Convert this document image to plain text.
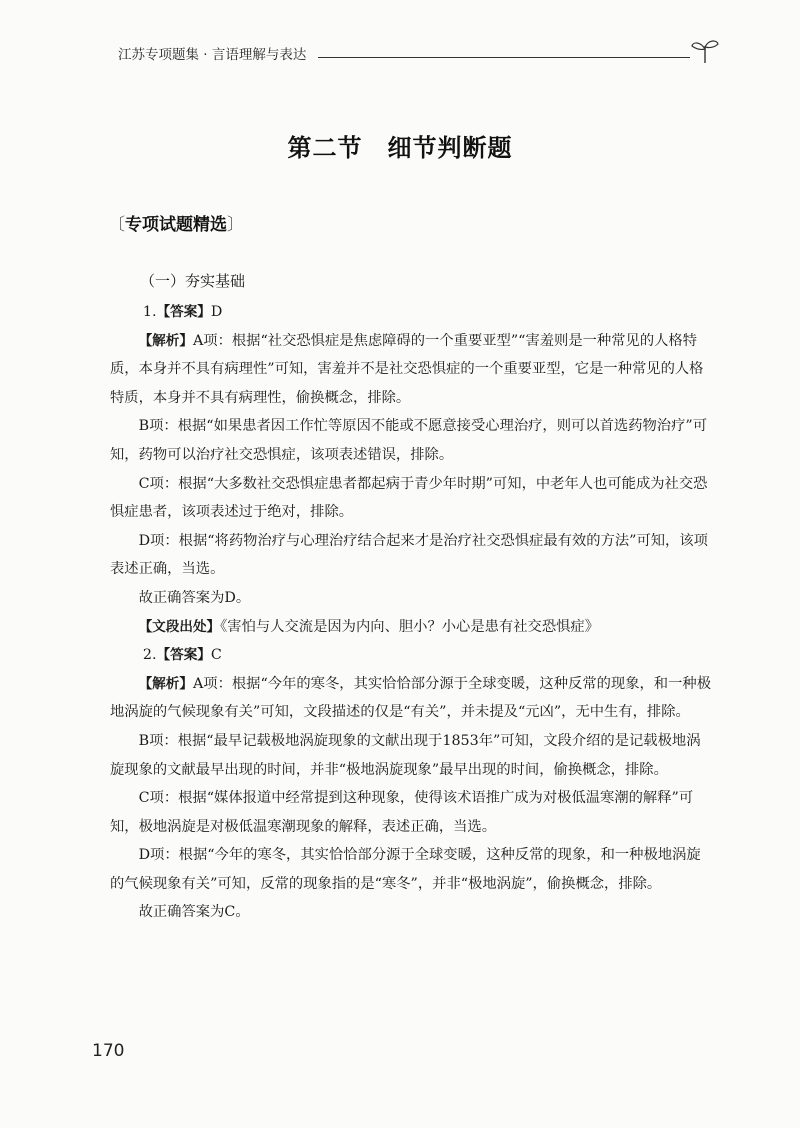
江苏专项题集 · 言语理解与表达
第二节　细节判断题
〔专项试题精选〕
（一）夯实基础

1.【答案】D

【解析】A项：根据“社交恐惧症是焦虑障碍的一个重要亚型”“害羞则是一种常见的人格特质，本身并不具有病理性”可知，害羞并不是社交恐惧症的一个重要亚型，它是一种常见的人格特质，本身并不具有病理性，偷换概念，排除。

B项：根据“如果患者因工作忙等原因不能或不愿意接受心理治疗，则可以首选药物治疗”可知，药物可以治疗社交恐惧症，该项表述错误，排除。

C项：根据“大多数社交恐惧症患者都起病于青少年时期”可知，中老年人也可能成为社交恐惧症患者，该项表述过于绝对，排除。

D项：根据“将药物治疗与心理治疗结合起来才是治疗社交恐惧症最有效的方法”可知，该项表述正确，当选。

故正确答案为D。

【文段出处】《害怕与人交流是因为内向、胆小？小心是患有社交恐惧症》

2.【答案】C

【解析】A项：根据“今年的寒冬，其实恰恰部分源于全球变暖，这种反常的现象，和一种极地涡旋的气候现象有关”可知，文段描述的仅是“有关”，并未提及“元凶”，无中生有，排除。

B项：根据“最早记载极地涡旋现象的文献出现于1853年”可知，文段介绍的是记载极地涡旋现象的文献最早出现的时间，并非“极地涡旋现象”最早出现的时间，偷换概念，排除。

C项：根据“媒体报道中经常提到这种现象，使得该术语推广成为对极低温寒潮的解释”可知，极地涡旋是对极低温寒潮现象的解释，表述正确，当选。

D项：根据“今年的寒冬，其实恰恰部分源于全球变暖，这种反常的现象，和一种极地涡旋的气候现象有关”可知，反常的现象指的是“寒冬”，并非“极地涡旋”，偷换概念，排除。

故正确答案为C。

170
